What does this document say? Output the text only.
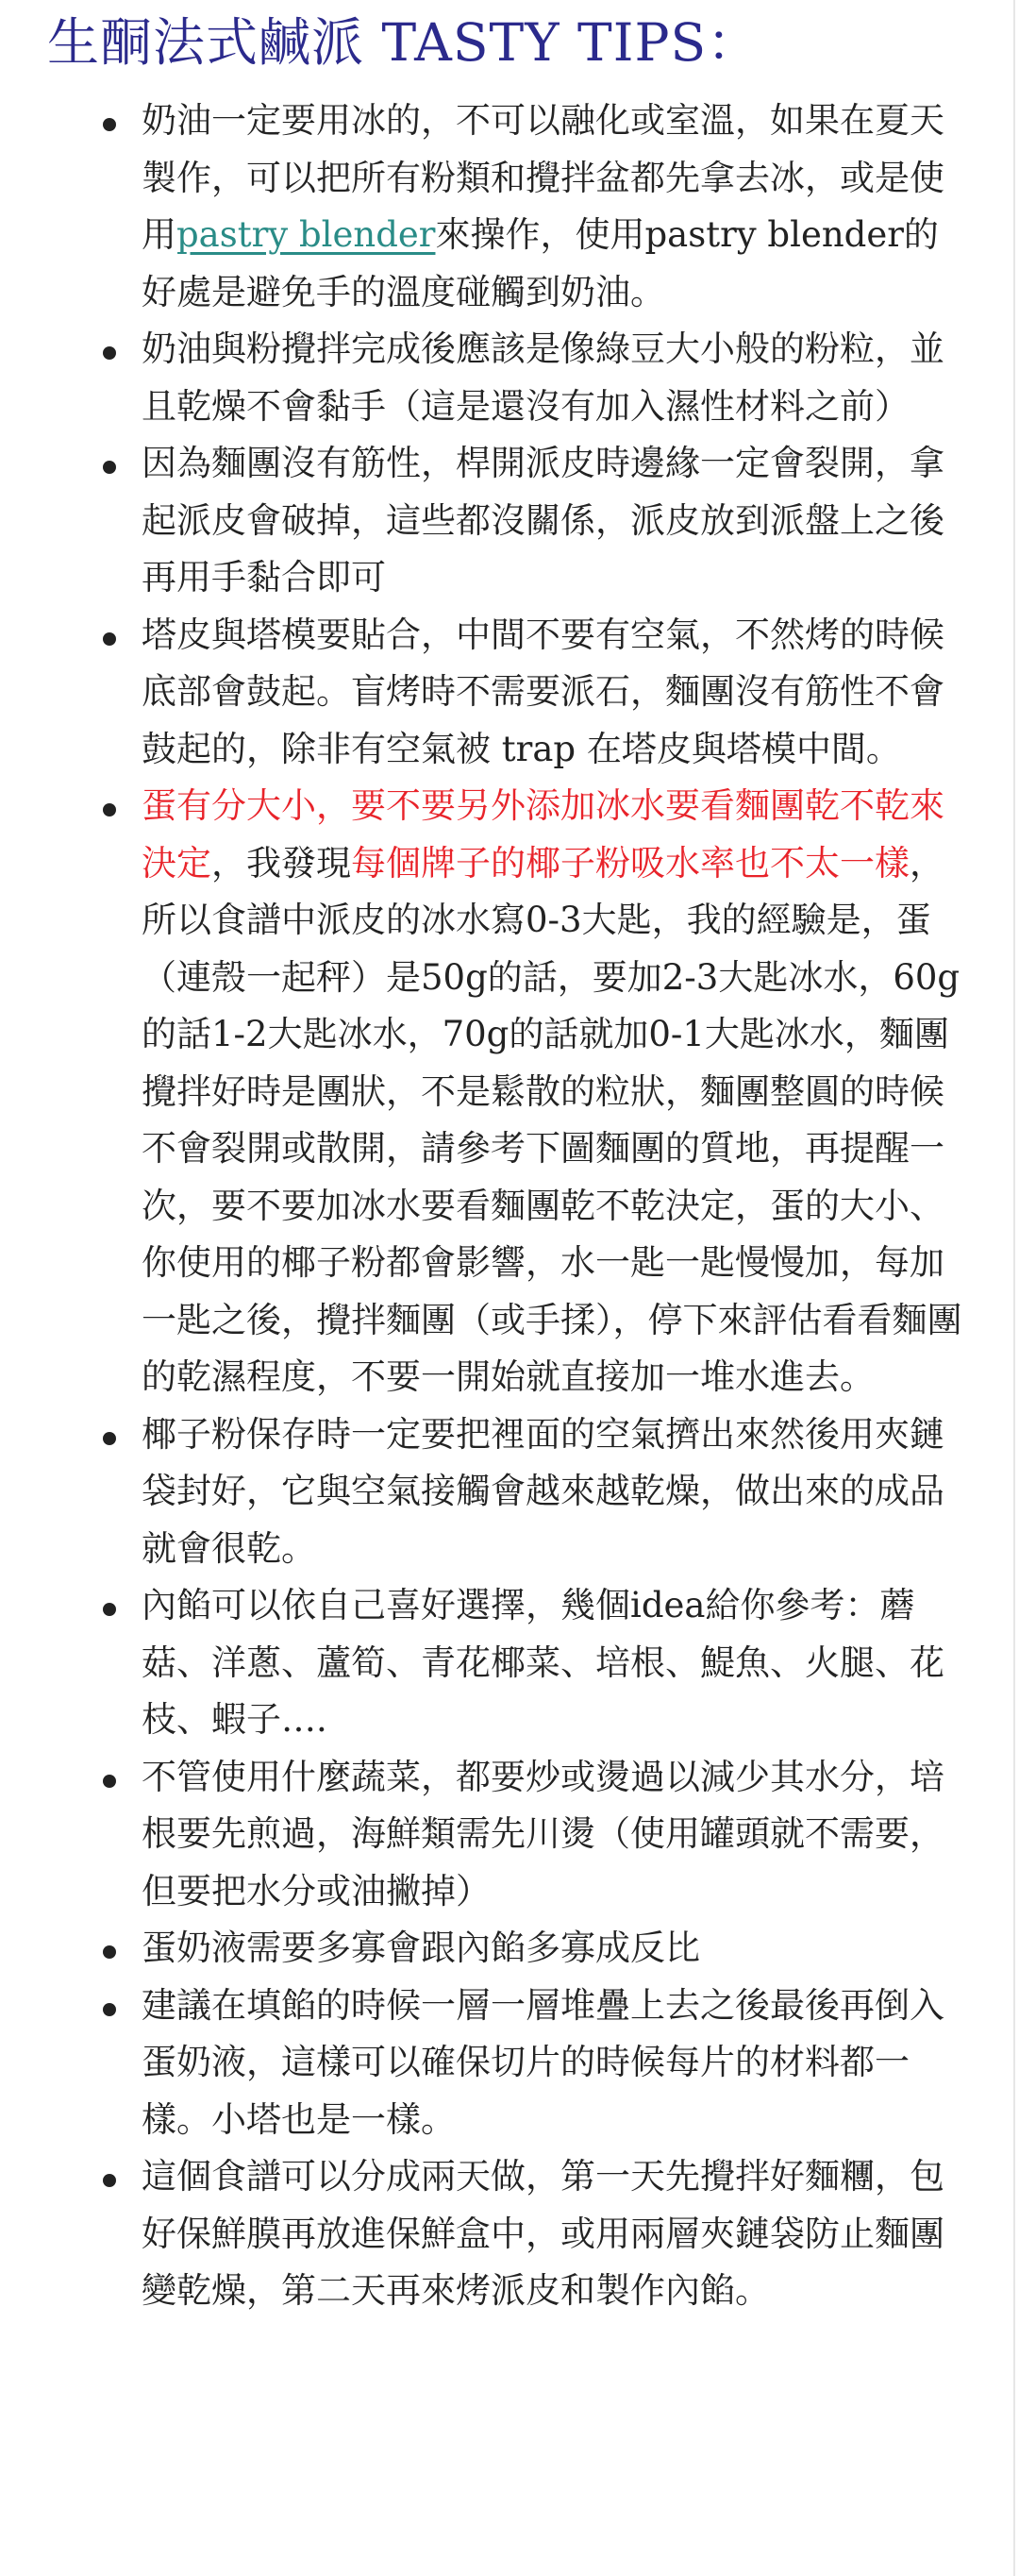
生酮法式鹹派 TASTY TIPS：
奶油一定要用冰的，不可以融化或室溫，如果在夏天製作，可以把所有粉類和攪拌盆都先拿去冰，或是使用pastry blender來操作，使用pastry blender的好處是避免手的溫度碰觸到奶油。
奶油與粉攪拌完成後應該是像綠豆大小般的粉粒，並且乾燥不會黏手（這是還沒有加入濕性材料之前）
因為麵團沒有筋性，桿開派皮時邊緣一定會裂開，拿起派皮會破掉，這些都沒關係，派皮放到派盤上之後再用手黏合即可
塔皮與塔模要貼合，中間不要有空氣，不然烤的時候底部會鼓起。盲烤時不需要派石，麵團沒有筋性不會鼓起的，除非有空氣被 trap 在塔皮與塔模中間。
蛋有分大小，要不要另外添加冰水要看麵團乾不乾來決定，我發現每個牌子的椰子粉吸水率也不太一樣，所以食譜中派皮的冰水寫0-3大匙，我的經驗是，蛋（連殼一起秤）是50g的話，要加2-3大匙冰水，60g的話1-2大匙冰水，70g的話就加0-1大匙冰水，麵團攪拌好時是團狀，不是鬆散的粒狀，麵團整圓的時候不會裂開或散開，請參考下圖麵團的質地，再提醒一次，要不要加冰水要看麵團乾不乾決定，蛋的大小、你使用的椰子粉都會影響，水一匙一匙慢慢加，每加一匙之後，攪拌麵團（或手揉），停下來評估看看麵團的乾濕程度，不要一開始就直接加一堆水進去。
椰子粉保存時一定要把裡面的空氣擠出來然後用夾鏈袋封好，它與空氣接觸會越來越乾燥，做出來的成品就會很乾。
內餡可以依自己喜好選擇，幾個idea給你參考：蘑菇、洋蔥、蘆筍、青花椰菜、培根、鯷魚、火腿、花枝、蝦子….
不管使用什麼蔬菜，都要炒或燙過以減少其水分，培根要先煎過，海鮮類需先川燙（使用罐頭就不需要，但要把水分或油撇掉）
蛋奶液需要多寡會跟內餡多寡成反比
建議在填餡的時候一層一層堆疊上去之後最後再倒入蛋奶液，這樣可以確保切片的時候每片的材料都一樣。小塔也是一樣。
這個食譜可以分成兩天做，第一天先攪拌好麵糰，包好保鮮膜再放進保鮮盒中，或用兩層夾鏈袋防止麵團變乾燥，第二天再來烤派皮和製作內餡。
